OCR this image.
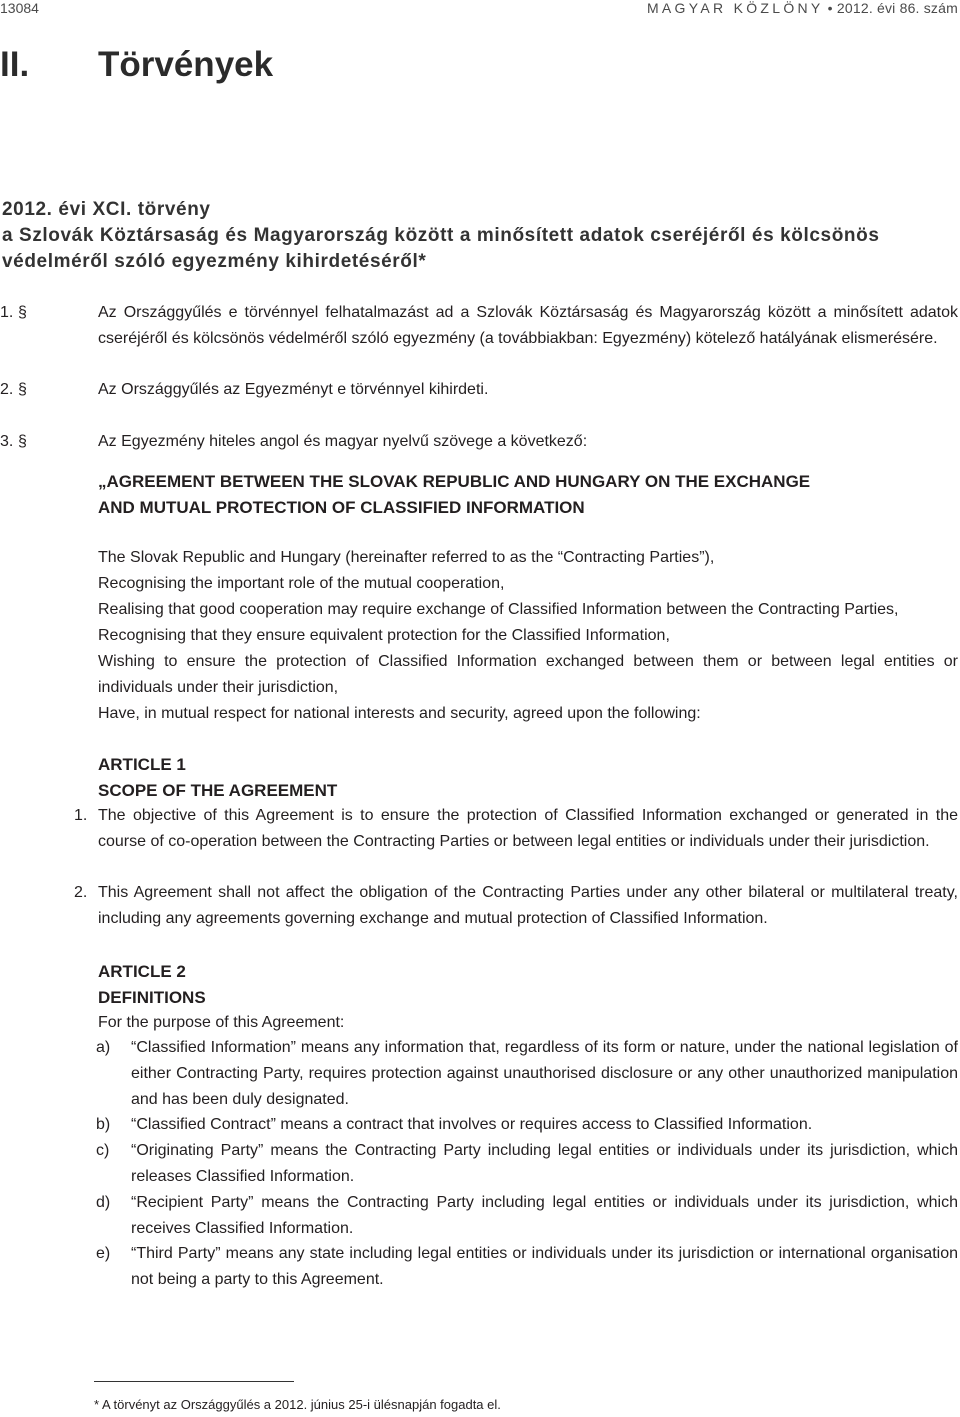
13084	MAGYAR KÖZLÖNY • 2012. évi 86. szám
II. Törvények
2012. évi XCI. törvény
a Szlovák Köztársaság és Magyarország között a minősített adatok cseréjéről és kölcsönös
védelméről szóló egyezmény kihirdetéséről*
1. §	Az Országgyűlés e törvénnyel felhatalmazást ad a Szlovák Köztársaság és Magyarország között a minősített adatok
cseréjéről és kölcsönös védelméről szóló egyezmény (a továbbiakban: Egyezmény) kötelező hatályának elismerésére.
2. §	Az Országgyűlés az Egyezményt e törvénnyel kihirdeti.
3. §	Az Egyezmény hiteles angol és magyar nyelvű szövege a következő:
„AGREEMENT BETWEEN THE SLOVAK REPUBLIC AND HUNGARY ON THE EXCHANGE
AND MUTUAL PROTECTION OF CLASSIFIED INFORMATION
The Slovak Republic and Hungary (hereinafter referred to as the “Contracting Parties”),
Recognising the important role of the mutual cooperation,
Realising that good cooperation may require exchange of Classified Information between the Contracting Parties,
Recognising that they ensure equivalent protection for the Classified Information,
Wishing to ensure the protection of Classified Information exchanged between them or between legal entities or individuals under their jurisdiction,
Have, in mutual respect for national interests and security, agreed upon the following:
ARTICLE 1
SCOPE OF THE AGREEMENT
1. The objective of this Agreement is to ensure the protection of Classified Information exchanged or generated in the course of co-operation between the Contracting Parties or between legal entities or individuals under their jurisdiction.
2. This Agreement shall not affect the obligation of the Contracting Parties under any other bilateral or multilateral treaty, including any agreements governing exchange and mutual protection of Classified Information.
ARTICLE 2
DEFINITIONS
For the purpose of this Agreement:
a) “Classified Information” means any information that, regardless of its form or nature, under the national legislation of either Contracting Party, requires protection against unauthorised disclosure or any other unauthorized manipulation and has been duly designated.
b) “Classified Contract” means a contract that involves or requires access to Classified Information.
c) “Originating Party” means the Contracting Party including legal entities or individuals under its jurisdiction, which releases Classified Information.
d) “Recipient Party” means the Contracting Party including legal entities or individuals under its jurisdiction, which receives Classified Information.
e) “Third Party” means any state including legal entities or individuals under its jurisdiction or international organisation not being a party to this Agreement.
* A törvényt az Országgyűlés a 2012. június 25-i ülésnapján fogadta el.
